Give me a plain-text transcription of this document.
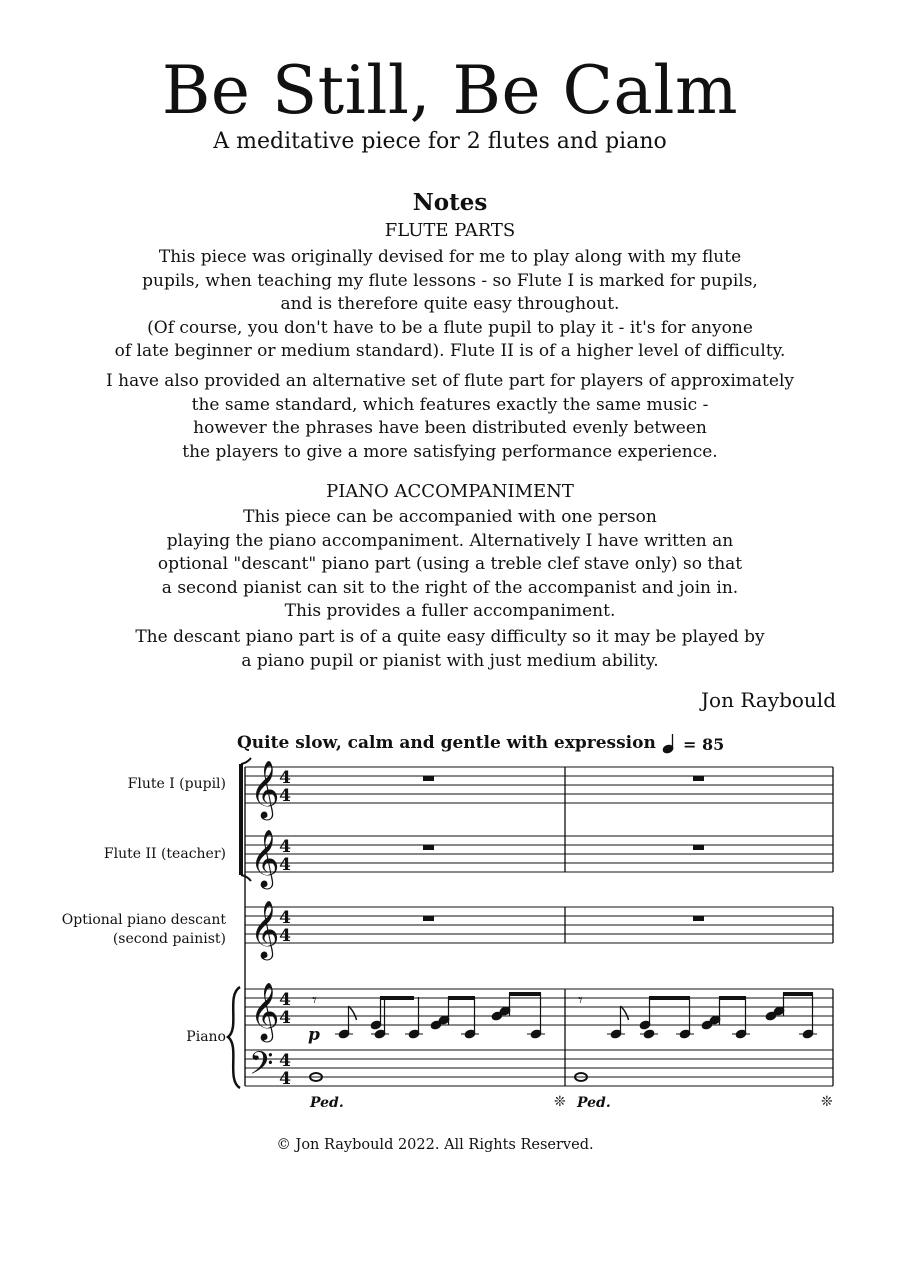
Be Still, Be Calm
A meditative piece for 2 flutes and piano
Notes
FLUTE PARTS
This piece was originally devised for me to play along with my flute
pupils, when teaching my flute lessons - so Flute I is marked for pupils,
and is therefore quite easy throughout.
(Of course, you don't have to be a flute pupil to play it - it's for anyone
of late beginner or medium standard). Flute II is of a higher level of difficulty.
I have also provided an alternative set of flute part for players of approximately
the same standard, which features exactly the same music -
however the phrases have been distributed evenly between
the players to give a more satisfying performance experience.
PIANO ACCOMPANIMENT
This piece can be accompanied with one person
playing the piano accompaniment. Alternatively I have written an
optional "descant" piano part (using a treble clef stave only) so that
a second pianist can sit to the right of the accompanist and join in.
This provides a fuller accompaniment.
The descant piano part is of a quite easy difficulty so it may be played by
a piano pupil or pianist with just medium ability.
Jon Raybould
Quite slow, calm and gentle with expression = 85
Flute I (pupil)
Flute II (teacher)
Optional piano descant
(second painist)
Piano
𝄞
𝄞
𝄞
𝄞
𝄢
4
4
4
4
4
4
4
4
4
4
𝄾	𝄾
p
Ped.	Ped.
❊	❊
© Jon Raybould 2022. All Rights Reserved.
